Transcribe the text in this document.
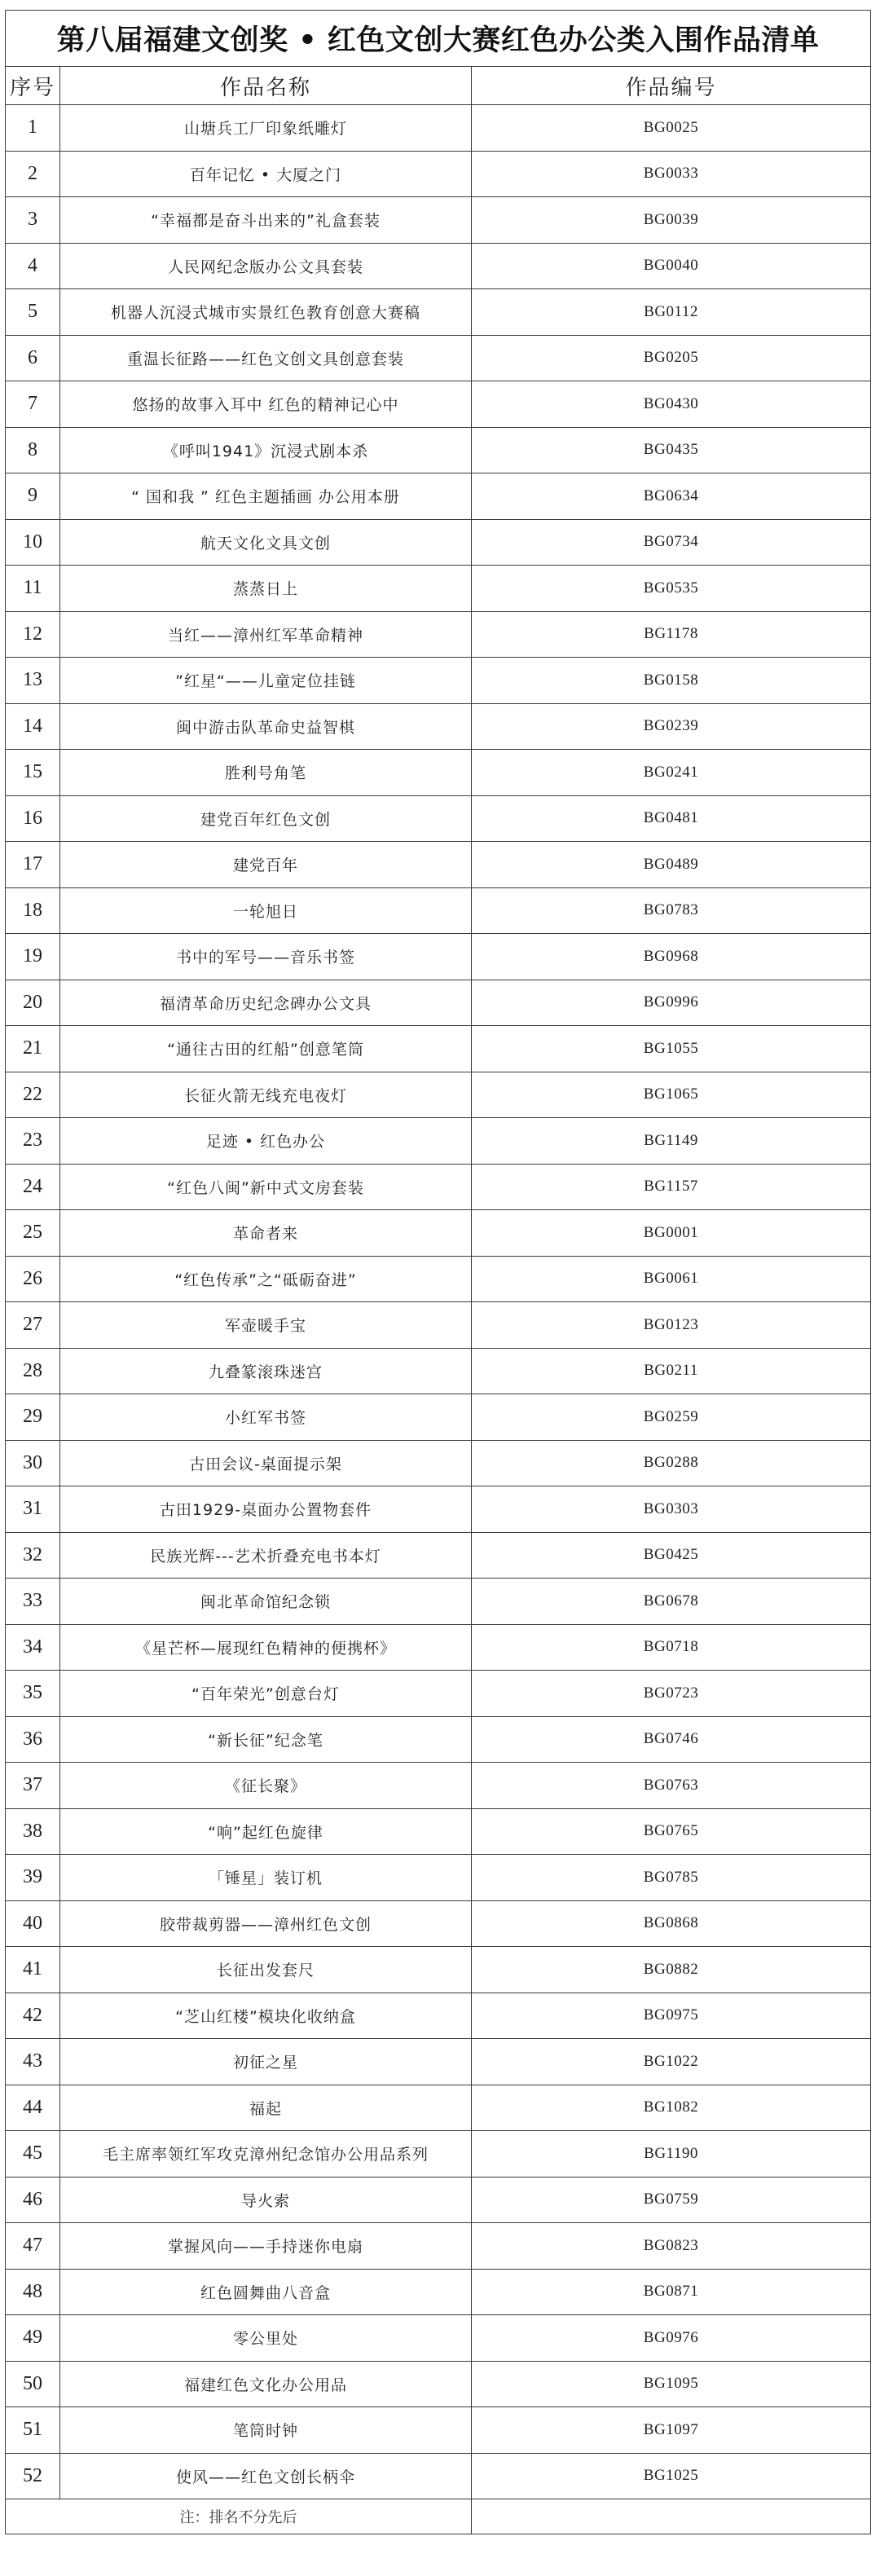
第八届福建文创奖 • 红色文创大赛红色办公类入围作品清单		
序号	作品名称	作品编号
1	山塘兵工厂印象纸雕灯	BG0025
2	百年记忆 • 大厦之门	BG0033
3	“幸福都是奋斗出来的”礼盒套装	BG0039
4	人民网纪念版办公文具套装	BG0040
5	机器人沉浸式城市实景红色教育创意大赛稿	BG0112
6	重温长征路——红色文创文具创意套装	BG0205
7	悠扬的故事入耳中 红色的精神记心中	BG0430
8	《呼叫1941》沉浸式剧本杀	BG0435
9	“ 国和我 ” 红色主题插画 办公用本册	BG0634
10	航天文化文具文创	BG0734
11	蒸蒸日上	BG0535
12	当红——漳州红军革命精神	BG1178
13	”红星“——儿童定位挂链	BG0158
14	闽中游击队革命史益智棋	BG0239
15	胜利号角笔	BG0241
16	建党百年红色文创	BG0481
17	建党百年	BG0489
18	一轮旭日	BG0783
19	书中的军号——音乐书签	BG0968
20	福清革命历史纪念碑办公文具	BG0996
21	“通往古田的红船”创意笔筒	BG1055
22	长征火箭无线充电夜灯	BG1065
23	足迹 • 红色办公	BG1149
24	“红色八闽”新中式文房套装	BG1157
25	革命者来	BG0001
26	“红色传承”之“砥砺奋进”	BG0061
27	军壶暖手宝	BG0123
28	九叠篆滚珠迷宫	BG0211
29	小红军书签	BG0259
30	古田会议-桌面提示架	BG0288
31	古田1929-桌面办公置物套件	BG0303
32	民族光辉---艺术折叠充电书本灯	BG0425
33	闽北革命馆纪念锁	BG0678
34	《星芒杯—展现红色精神的便携杯》	BG0718
35	“百年荣光”创意台灯	BG0723
36	“新长征”纪念笔	BG0746
37	《征长聚》	BG0763
38	“响”起红色旋律	BG0765
39	「锤星」装订机	BG0785
40	胶带裁剪器——漳州红色文创	BG0868
41	长征出发套尺	BG0882
42	“芝山红楼”模块化收纳盒	BG0975
43	初征之星	BG1022
44	福起	BG1082
45	毛主席率领红军攻克漳州纪念馆办公用品系列	BG1190
46	导火索	BG0759
47	掌握风向——手持迷你电扇	BG0823
48	红色圆舞曲八音盒	BG0871
49	零公里处	BG0976
50	福建红色文化办公用品	BG1095
51	笔筒时钟	BG1097
52	使风——红色文创长柄伞	BG1025
注：排名不分先后		
